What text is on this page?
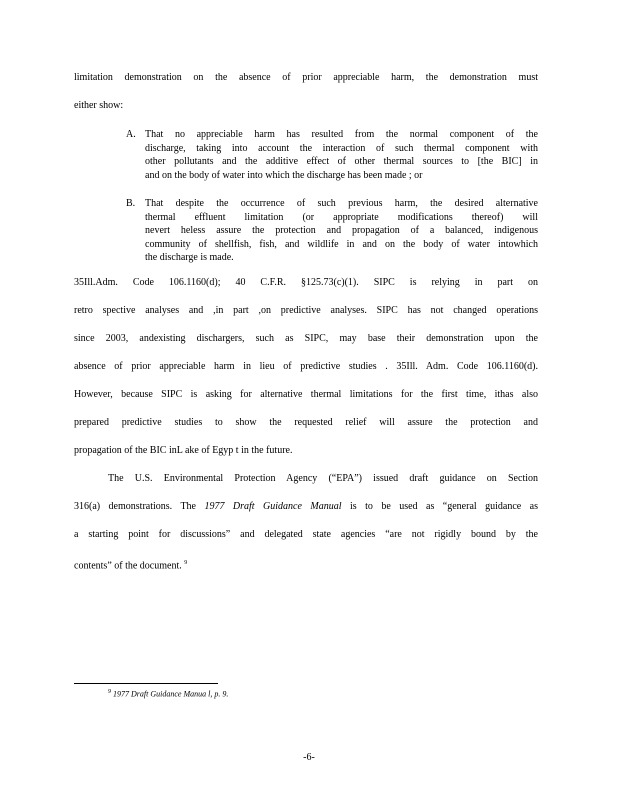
limitation demonstration on the absence of prior appreciable harm, the demonstration must
either show:
A. That no appreciable harm has resulted from the normal component of the
discharge, taking into account the interaction of such thermal component with
other pollutants and the additive effect of other thermal sources to [the BIC] in
and on the body of water into which the discharge has been made ; or
B. That despite the occurrence of such previous harm, the desired alternative
thermal effluent limitation (or appropriate modifications thereof) will
nevert heless assure the protection and propagation of a balanced, indigenous
community of shellfish, fish, and wildlife in and on the body of water intowhich
the discharge is made.
35Ill.Adm. Code 106.1160(d); 40 C.F.R. §125.73(c)(1). SIPC is relying in part on
retro spective analyses and ,in part ,on predictive analyses. SIPC has not changed operations
since 2003, andexisting dischargers, such as SIPC, may base their demonstration upon the
absence of prior appreciable harm in lieu of predictive studies . 35Ill. Adm. Code 106.1160(d).
However, because SIPC is asking for alternative thermal limitations for the first time, ithas also
prepared predictive studies to show the requested relief will assure the protection and
propagation of the BIC inL ake of Egyp t in the future.
The U.S. Environmental Protection Agency (“EPA”) issued draft guidance on Section
316(a) demonstrations. The 1977 Draft Guidance Manual is to be used as “general guidance as
a starting point for discussions” and delegated state agencies “are not rigidly bound by the
contents” of the document. $^9$
$^9$ 1977 Draft Guidance Manua l, p. 9.
-6-
